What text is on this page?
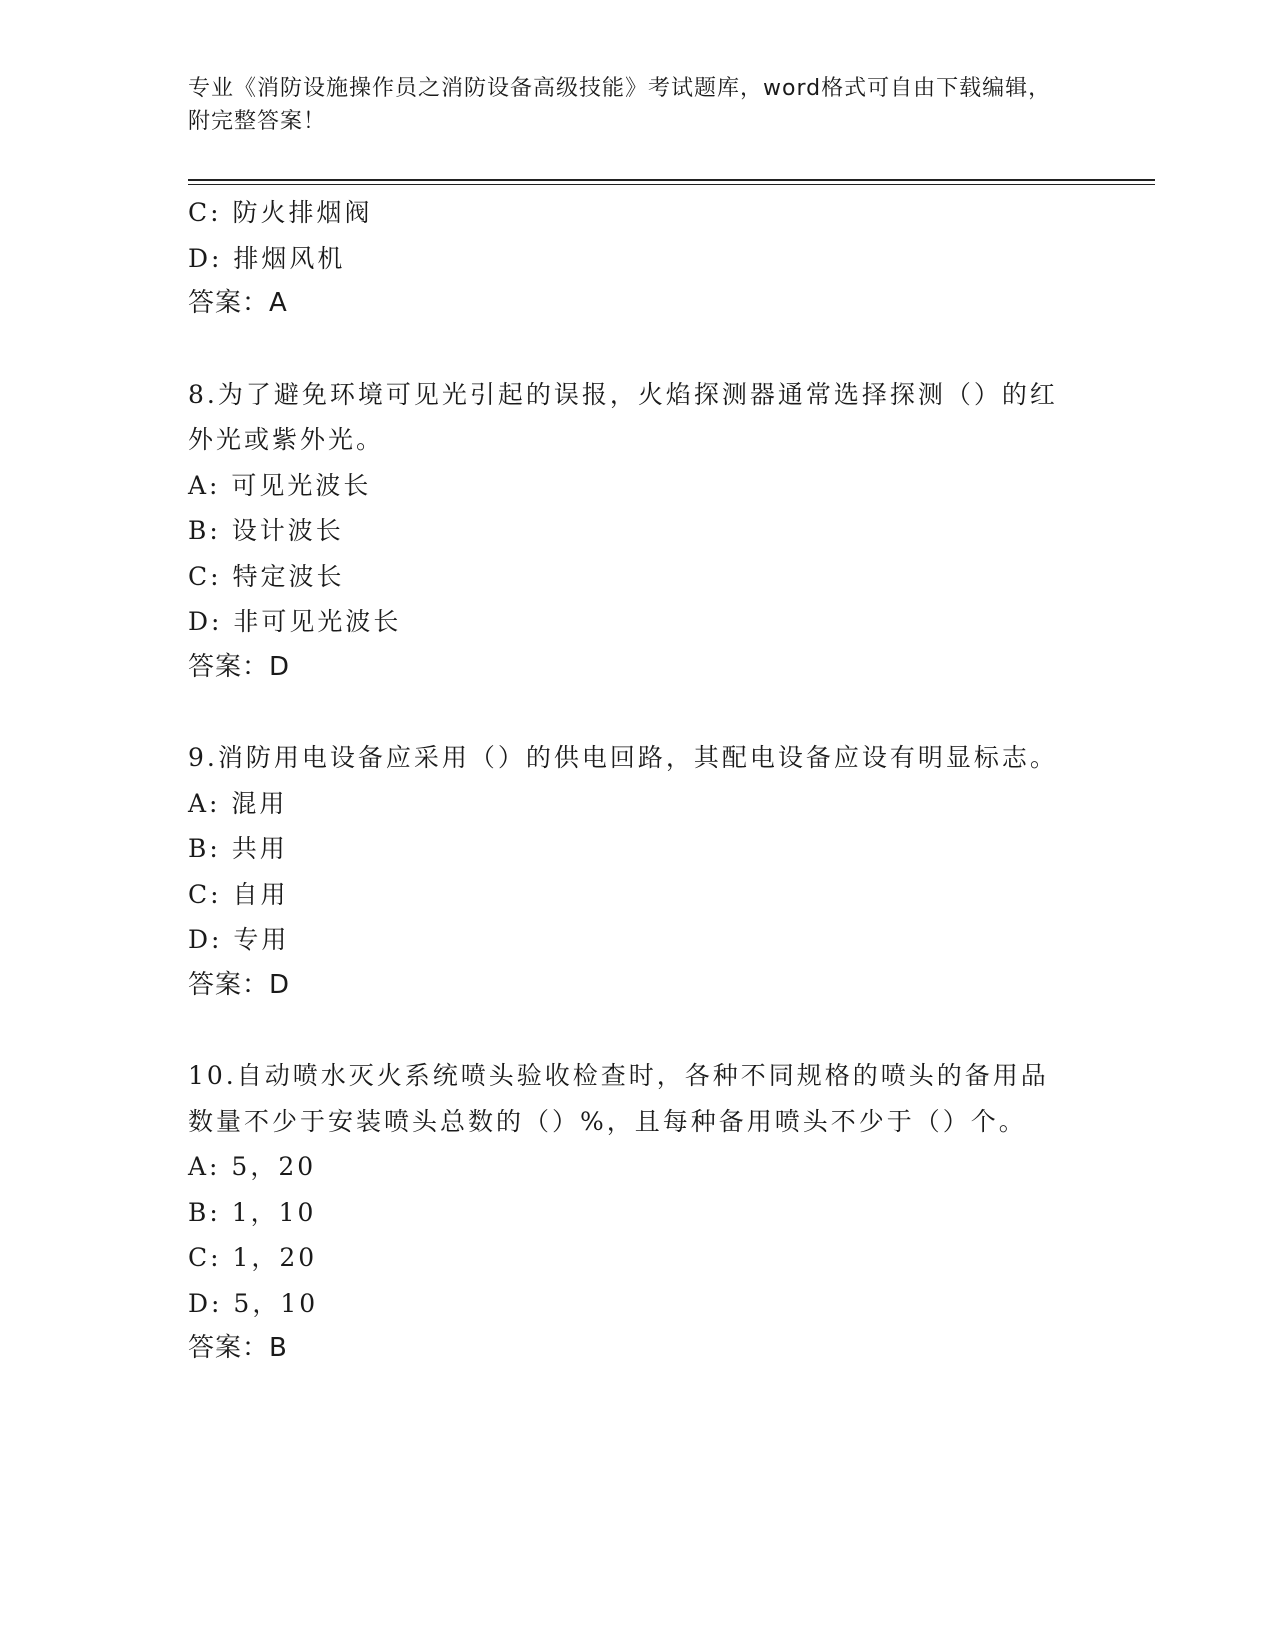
专业《消防设施操作员之消防设备高级技能》考试题库，word格式可自由下载编辑，附完整答案！
C: 防火排烟阀
D: 排烟风机
答案：A
8.为了避免环境可见光引起的误报，火焰探测器通常选择探测（）的红外光或紫外光。
A: 可见光波长
B: 设计波长
C: 特定波长
D: 非可见光波长
答案：D
9.消防用电设备应采用（）的供电回路，其配电设备应设有明显标志。
A: 混用
B: 共用
C: 自用
D: 专用
答案：D
10.自动喷水灭火系统喷头验收检查时，各种不同规格的喷头的备用品数量不少于安装喷头总数的（）%，且每种备用喷头不少于（）个。
A: 5，20
B: 1，10
C: 1，20
D: 5，10
答案：B
